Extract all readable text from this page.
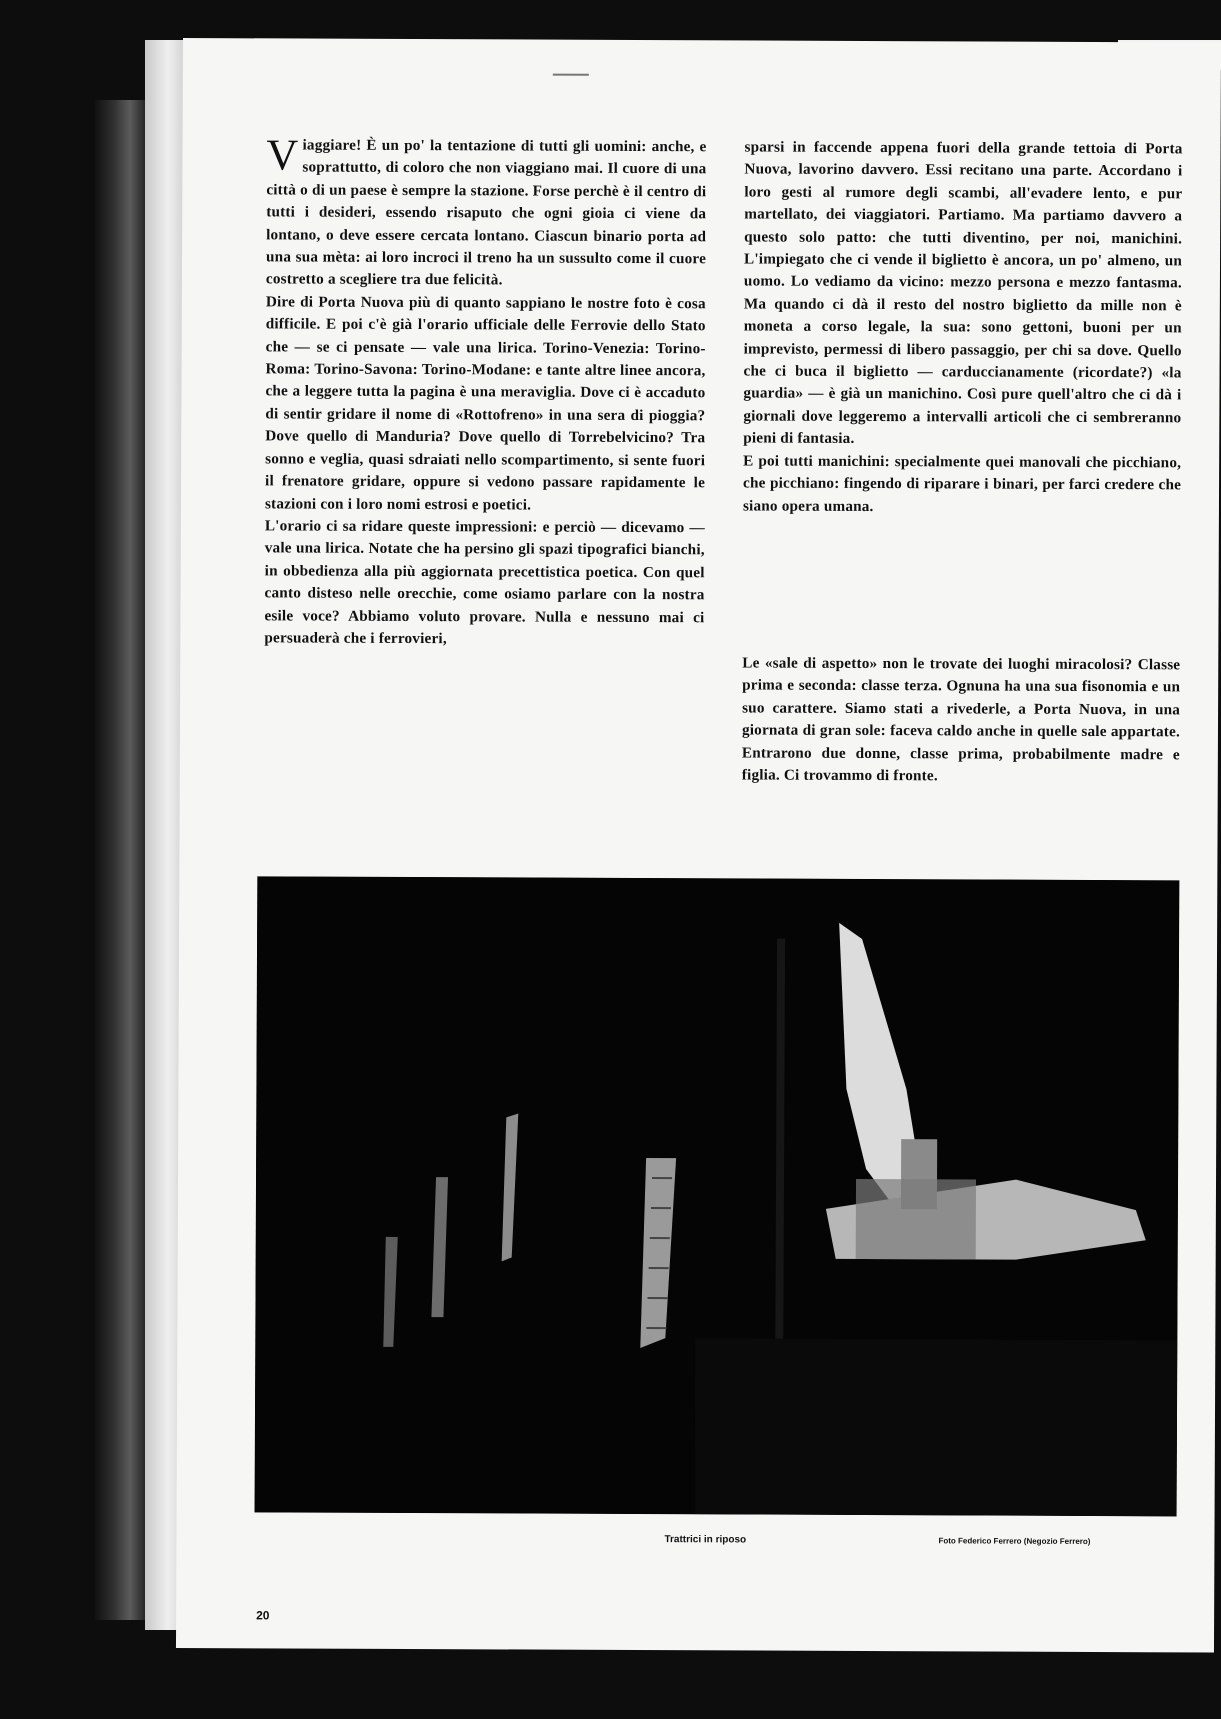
Viaggiare! È un po' la tentazione di tutti gli uomini: anche, e soprattutto, di coloro che non viaggiano mai. Il cuore di una città o di un paese è sempre la stazione. Forse perchè è il centro di tutti i desideri, essendo risaputo che ogni gioia ci viene da lontano, o deve essere cercata lontano. Ciascun binario porta ad una sua mèta: ai loro incroci il treno ha un sussulto come il cuore costretto a scegliere tra due felicità.

Dire di Porta Nuova più di quanto sappiano le nostre foto è cosa difficile. E poi c'è già l'orario ufficiale delle Ferrovie dello Stato che — se ci pensate — vale una lirica. Torino-Venezia: Torino-Roma: Torino-Savona: Torino-Modane: e tante altre linee ancora, che a leggere tutta la pagina è una meraviglia. Dove ci è accaduto di sentir gridare il nome di «Rottofreno» in una sera di pioggia? Dove quello di Manduria? Dove quello di Torrebelvicino? Tra sonno e veglia, quasi sdraiati nello scompartimento, si sente fuori il frenatore gridare, oppure si vedono passare rapidamente le stazioni con i loro nomi estrosi e poetici.

L'orario ci sa ridare queste impressioni: e perciò — dicevamo — vale una lirica. Notate che ha persino gli spazi tipografici bianchi, in obbedienza alla più aggiornata precettistica poetica. Con quel canto disteso nelle orecchie, come osiamo parlare con la nostra esile voce? Abbiamo voluto provare. Nulla e nessuno mai ci persuaderà che i ferrovieri,

sparsi in faccende appena fuori della grande tettoia di Porta Nuova, lavorino davvero. Essi recitano una parte. Accordano i loro gesti al rumore degli scambi, all'evadere lento, e pur martellato, dei viaggiatori. Partiamo. Ma partiamo davvero a questo solo patto: che tutti diventino, per noi, manichini. L'impiegato che ci vende il biglietto è ancora, un po' almeno, un uomo. Lo vediamo da vicino: mezzo persona e mezzo fantasma. Ma quando ci dà il resto del nostro biglietto da mille non è moneta a corso legale, la sua: sono gettoni, buoni per un imprevisto, permessi di libero passaggio, per chi sa dove. Quello che ci buca il biglietto — carduccianamente (ricordate?) «la guardia» — è già un manichino. Così pure quell'altro che ci dà i giornali dove leggeremo a intervalli articoli che ci sembreranno pieni di fantasia.

E poi tutti manichini: specialmente quei manovali che picchiano, che picchiano: fingendo di riparare i binari, per farci credere che siano opera umana.

Le «sale di aspetto» non le trovate dei luoghi miracolosi? Classe prima e seconda: classe terza. Ognuna ha una sua fisonomia e un suo carattere. Siamo stati a rivederle, a Porta Nuova, in una giornata di gran sole: faceva caldo anche in quelle sale appartate. Entrarono due donne, classe prima, probabilmente madre e figlia. Ci trovammo di fronte.

Trattrici in riposo	Foto Federico Ferrero (Negozio Ferrero)
20
